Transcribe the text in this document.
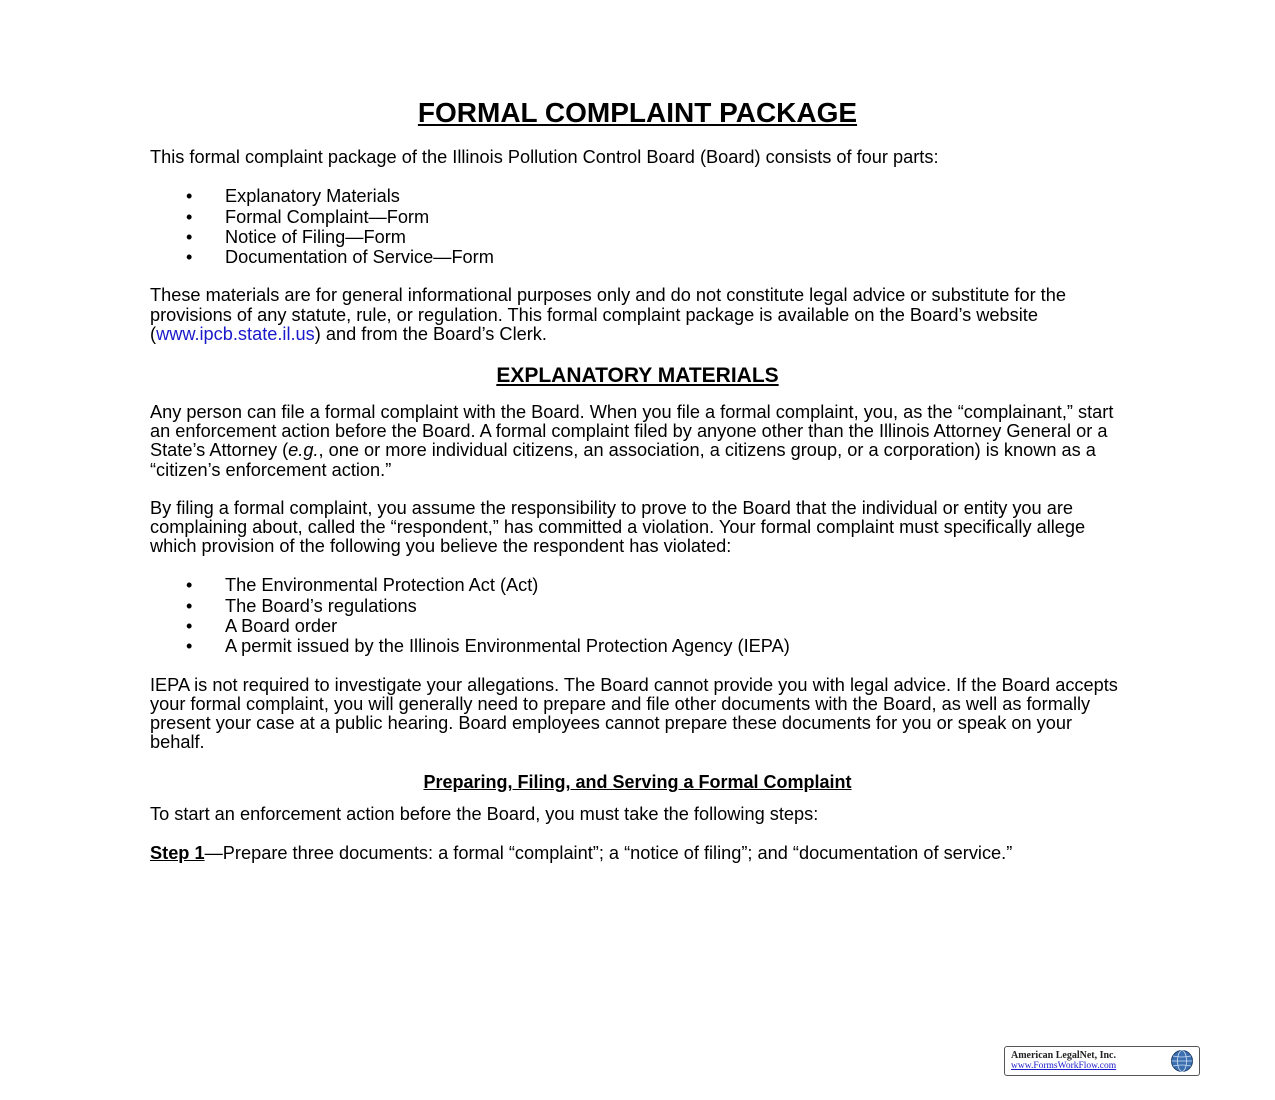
FORMAL COMPLAINT PACKAGE

This formal complaint package of the Illinois Pollution Control Board (Board) consists of four parts:

• Explanatory Materials
• Formal Complaint—Form
• Notice of Filing—Form
• Documentation of Service—Form

These materials are for general informational purposes only and do not constitute legal advice or substitute for the provisions of any statute, rule, or regulation. This formal complaint package is available on the Board’s website (www.ipcb.state.il.us) and from the Board’s Clerk.

EXPLANATORY MATERIALS

Any person can file a formal complaint with the Board. When you file a formal complaint, you, as the “complainant,” start an enforcement action before the Board. A formal complaint filed by anyone other than the Illinois Attorney General or a State’s Attorney (e.g., one or more individual citizens, an association, a citizens group, or a corporation) is known as a “citizen’s enforcement action.”

By filing a formal complaint, you assume the responsibility to prove to the Board that the individual or entity you are complaining about, called the “respondent,” has committed a violation. Your formal complaint must specifically allege which provision of the following you believe the respondent has violated:

• The Environmental Protection Act (Act)
• The Board’s regulations
• A Board order
• A permit issued by the Illinois Environmental Protection Agency (IEPA)

IEPA is not required to investigate your allegations. The Board cannot provide you with legal advice. If the Board accepts your formal complaint, you will generally need to prepare and file other documents with the Board, as well as formally present your case at a public hearing. Board employees cannot prepare these documents for you or speak on your behalf.

Preparing, Filing, and Serving a Formal Complaint

To start an enforcement action before the Board, you must take the following steps:

Step 1—Prepare three documents: a formal “complaint”; a “notice of filing”; and “documentation of service.”

American LegalNet, Inc.
www.FormsWorkFlow.com
